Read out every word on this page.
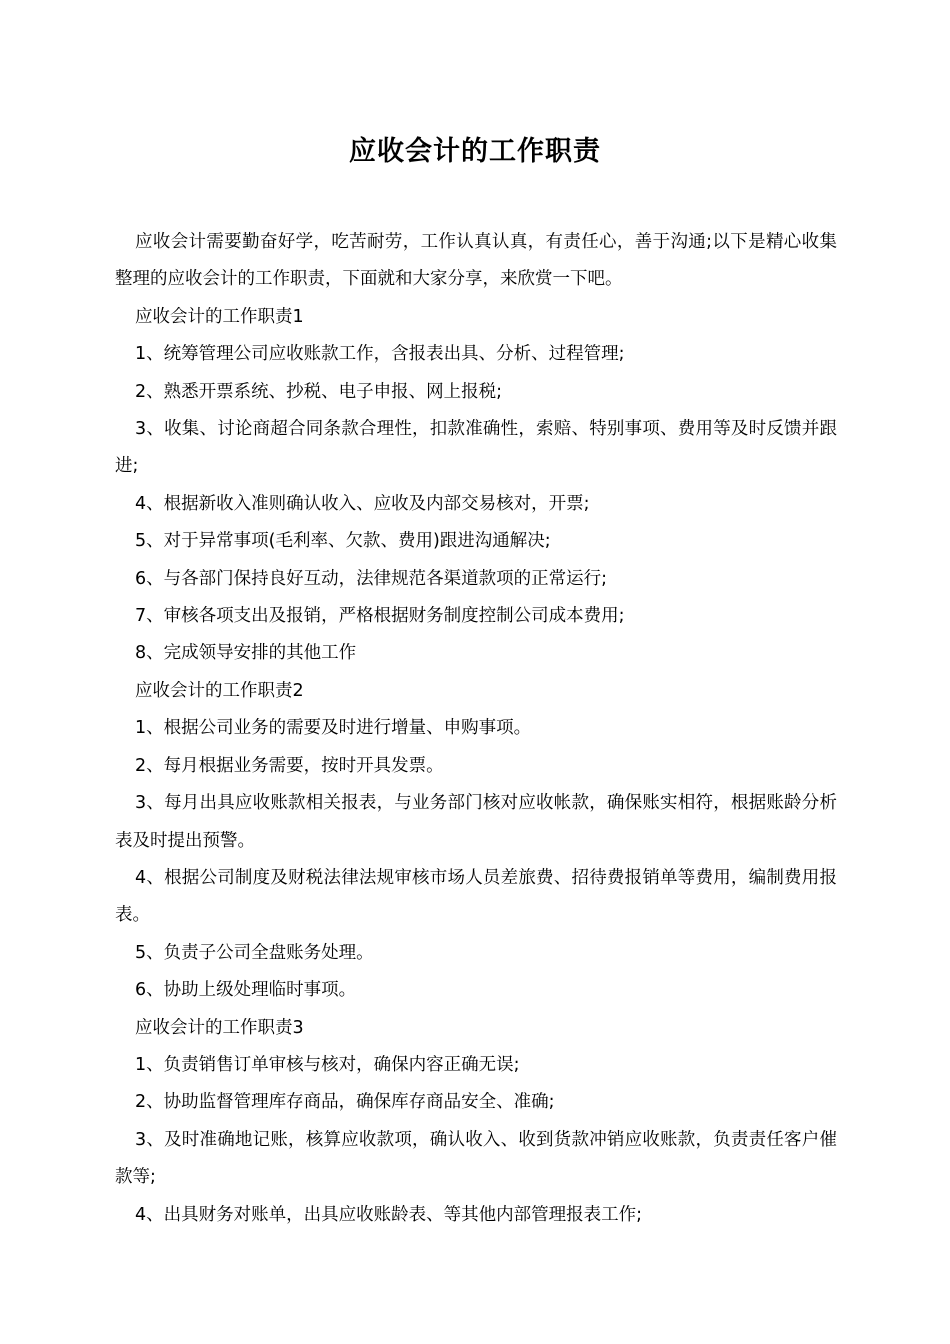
应收会计的工作职责

应收会计需要勤奋好学，吃苦耐劳，工作认真认真，有责任心，善于沟通;以下是精心收集整理的应收会计的工作职责，下面就和大家分享，来欣赏一下吧。

应收会计的工作职责1

1、统筹管理公司应收账款工作，含报表出具、分析、过程管理;

2、熟悉开票系统、抄税、电子申报、网上报税;

3、收集、讨论商超合同条款合理性，扣款准确性，索赔、特别事项、费用等及时反馈并跟进;

4、根据新收入准则确认收入、应收及内部交易核对，开票;

5、对于异常事项(毛利率、欠款、费用)跟进沟通解决;

6、与各部门保持良好互动，法律规范各渠道款项的正常运行;

7、审核各项支出及报销，严格根据财务制度控制公司成本费用;

8、完成领导安排的其他工作

应收会计的工作职责2

1、根据公司业务的需要及时进行增量、申购事项。

2、每月根据业务需要，按时开具发票。

3、每月出具应收账款相关报表，与业务部门核对应收帐款，确保账实相符，根据账龄分析表及时提出预警。

4、根据公司制度及财税法律法规审核市场人员差旅费、招待费报销单等费用，编制费用报表。

5、负责子公司全盘账务处理。

6、协助上级处理临时事项。

应收会计的工作职责3

1、负责销售订单审核与核对，确保内容正确无误;

2、协助监督管理库存商品，确保库存商品安全、准确;

3、及时准确地记账，核算应收款项，确认收入、收到货款冲销应收账款，负责责任客户催款等;

4、出具财务对账单，出具应收账龄表、等其他内部管理报表工作;
